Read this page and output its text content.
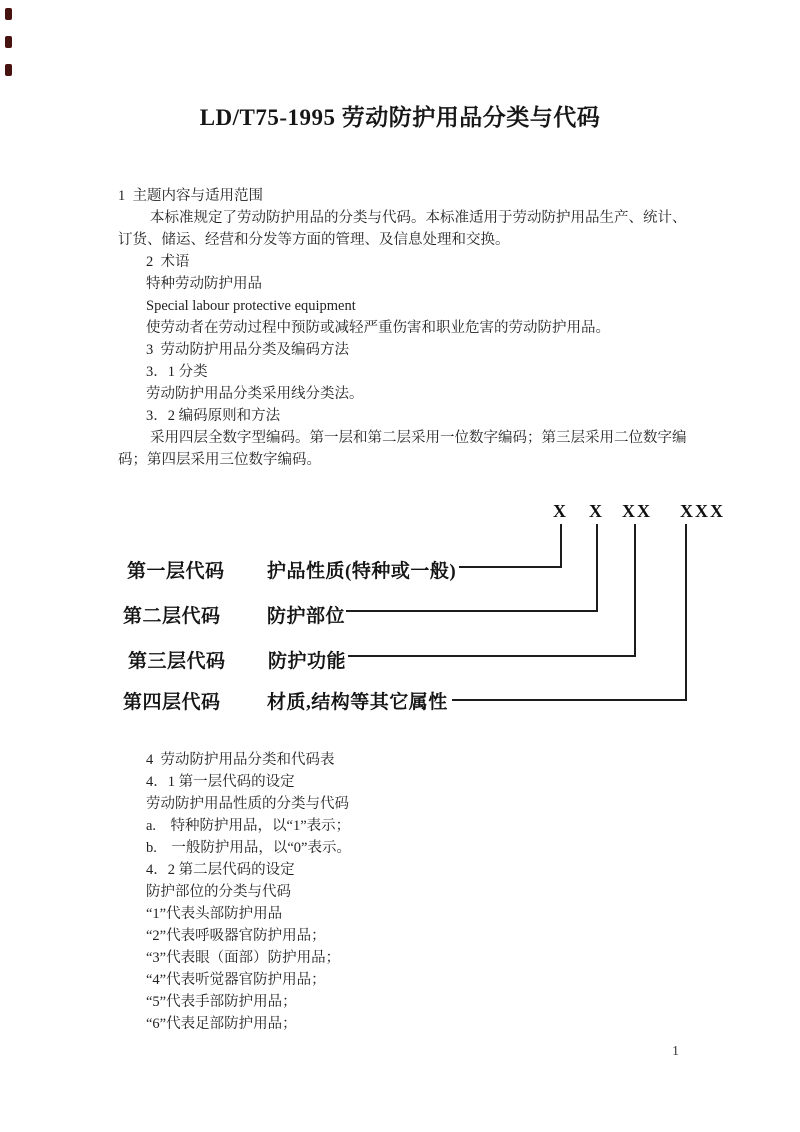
LD/T75-1995 劳动防护用品分类与代码
1  主题内容与适用范围
本标准规定了劳动防护用品的分类与代码。本标准适用于劳动防护用品生产、统计、
订货、储运、经营和分发等方面的管理、及信息处理和交换。
2  术语
特种劳动防护用品
Special labour protective equipment
使劳动者在劳动过程中预防或减轻严重伤害和职业危害的劳动防护用品。
3  劳动防护用品分类及编码方法
3．1 分类
劳动防护用品分类采用线分类法。
3．2 编码原则和方法
采用四层全数字型编码。第一层和第二层采用一位数字编码；第三层采用二位数字编
码；第四层采用三位数字编码。
4  劳动防护用品分类和代码表
4．1 第一层代码的设定
劳动防护用品性质的分类与代码
a.　特种防护用品，以“1”表示；
b.　一般防护用品，以“0”表示。
4．2 第二层代码的设定
防护部位的分类与代码
“1”代表头部防护用品
“2”代表呼吸器官防护用品；
“3”代表眼（面部）防护用品；
“4”代表听觉器官防护用品；
“5”代表手部防护用品；
“6”代表足部防护用品；
X X XX XXX
第一层代码 护品性质(特种或一般)
第二层代码 防护部位
第三层代码 防护功能
第四层代码 材质,结构等其它属性
1
